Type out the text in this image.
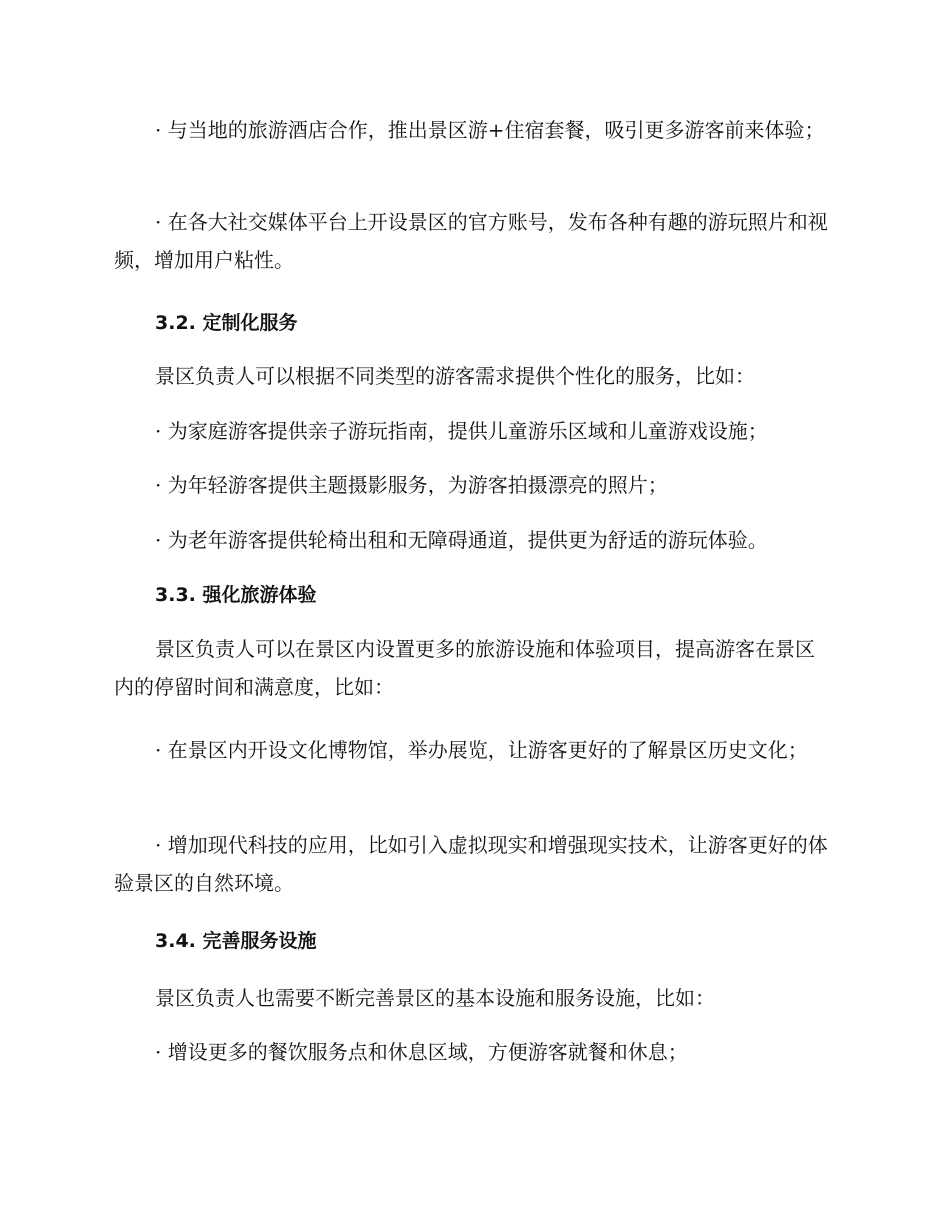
· 与当地的旅游酒店合作，推出景区游+住宿套餐，吸引更多游客前来体验；
· 在各大社交媒体平台上开设景区的官方账号，发布各种有趣的游玩照片和视频，增加用户粘性。
3.2. 定制化服务
景区负责人可以根据不同类型的游客需求提供个性化的服务，比如：
· 为家庭游客提供亲子游玩指南，提供儿童游乐区域和儿童游戏设施；
· 为年轻游客提供主题摄影服务，为游客拍摄漂亮的照片；
· 为老年游客提供轮椅出租和无障碍通道，提供更为舒适的游玩体验。
3.3. 强化旅游体验
景区负责人可以在景区内设置更多的旅游设施和体验项目，提高游客在景区内的停留时间和满意度，比如：
· 在景区内开设文化博物馆，举办展览，让游客更好的了解景区历史文化；
· 增加现代科技的应用，比如引入虚拟现实和增强现实技术，让游客更好的体验景区的自然环境。
3.4. 完善服务设施
景区负责人也需要不断完善景区的基本设施和服务设施，比如：
· 增设更多的餐饮服务点和休息区域，方便游客就餐和休息；
